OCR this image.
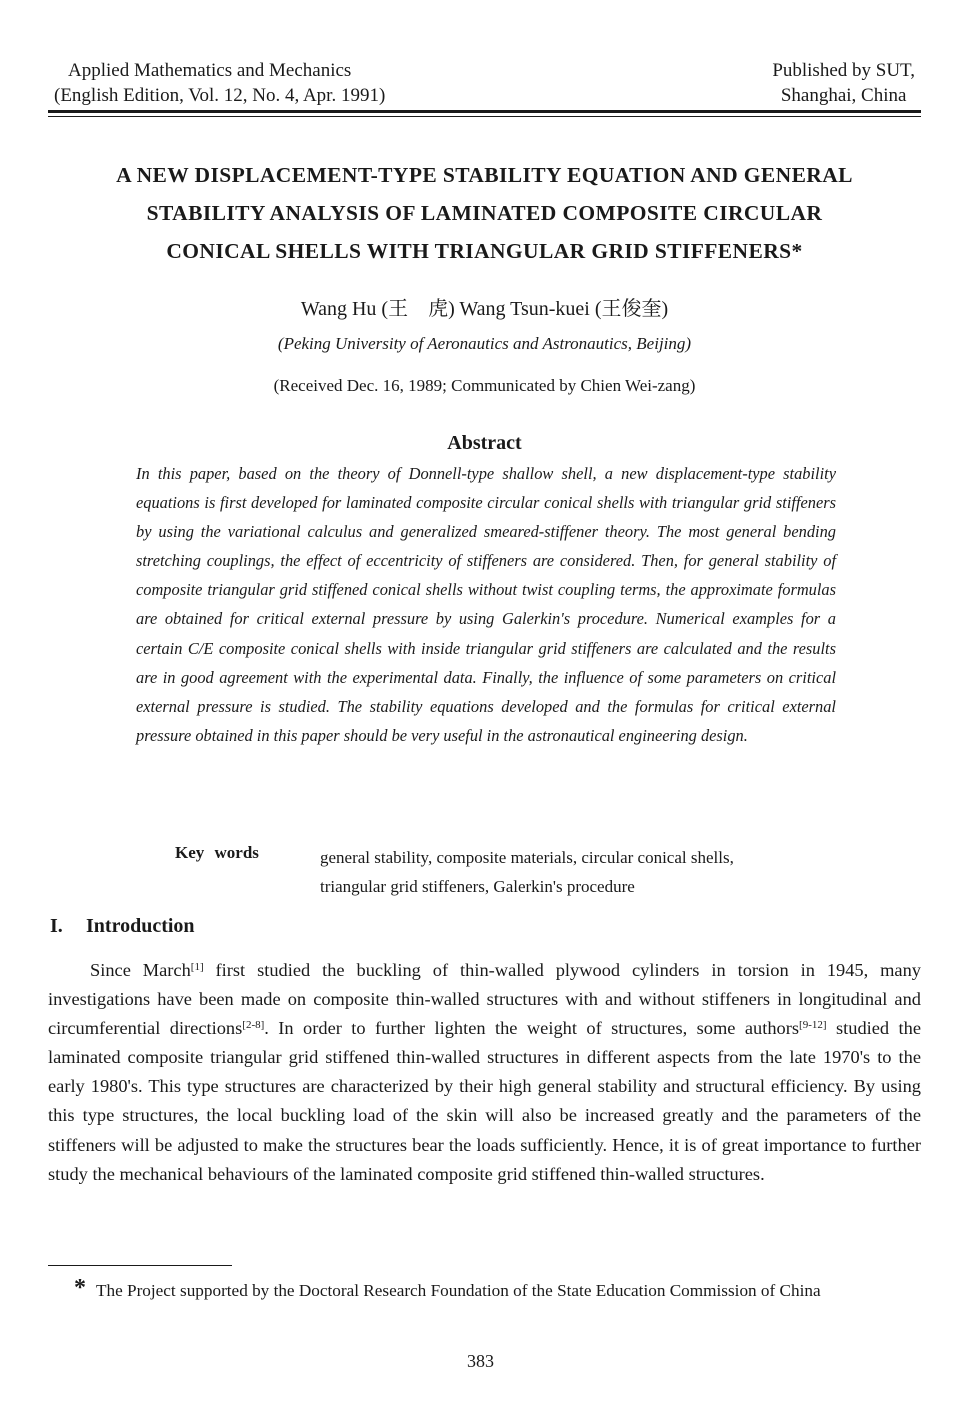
Applied Mathematics and Mechanics
(English Edition, Vol. 12, No. 4, Apr. 1991)
Published by SUT,
Shanghai, China
A NEW DISPLACEMENT-TYPE STABILITY EQUATION AND GENERAL
STABILITY ANALYSIS OF LAMINATED COMPOSITE CIRCULAR
CONICAL SHELLS WITH TRIANGULAR GRID STIFFENERS*
Wang Hu (王　虎) Wang Tsun-kuei (王俊奎)
(Peking University of Aeronautics and Astronautics, Beijing)
(Received Dec. 16, 1989; Communicated by Chien Wei-zang)
Abstract
In this paper, based on the theory of Donnell-type shallow shell, a new displacement-type stability equations is first developed for laminated composite circular conical shells with triangular grid stiffeners by using the variational calculus and generalized smeared-stiffener theory. The most general bending stretching couplings, the effect of eccentricity of stiffeners are considered. Then, for general stability of composite triangular grid stiffened conical shells without twist coupling terms, the approximate formulas are obtained for critical external pressure by using Galerkin's procedure. Numerical examples for a certain C/E composite conical shells with inside triangular grid stiffeners are calculated and the results are in good agreement with the experimental data. Finally, the influence of some parameters on critical external pressure is studied. The stability equations developed and the formulas for critical external pressure obtained in this paper should be very useful in the astronautical engineering design.
Key words	general stability, composite materials, circular conical shells,
triangular grid stiffeners, Galerkin's procedure
I. Introduction
Since March[1] first studied the buckling of thin-walled plywood cylinders in torsion in 1945, many investigations have been made on composite thin-walled structures with and without stiffeners in longitudinal and circumferential directions[2-8]. In order to further lighten the weight of structures, some authors[9-12] studied the laminated composite triangular grid stiffened thin-walled structures in different aspects from the late 1970's to the early 1980's. This type structures are characterized by their high general stability and structural efficiency. By using this type structures, the local buckling load of the skin will also be increased greatly and the parameters of the stiffeners will be adjusted to make the structures bear the loads sufficiently. Hence, it is of great importance to further study the mechanical behaviours of the laminated composite grid stiffened thin-walled structures.
* The Project supported by the Doctoral Research Foundation of the State Education Commission of China
383
